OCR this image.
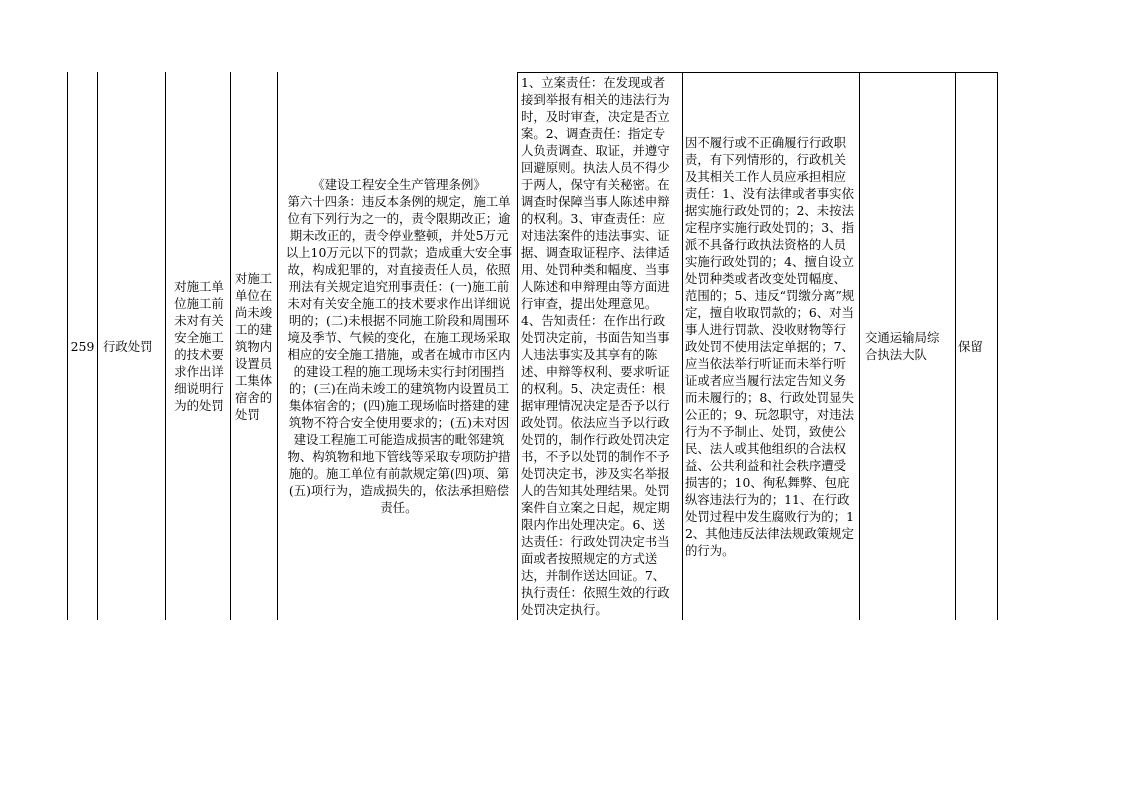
259 行政处罚
对施工单位施工前未对有关安全施工的技术要求作出详细说明行为的处罚
对施工单位在尚未竣工的建筑物内设置员工集体宿舍的处罚
《建设工程安全生产管理条例》
第六十四条：违反本条例的规定，施工单位有下列行为之一的，责令限期改正；逾期未改正的，责令停业整顿，并处5万元以上10万元以下的罚款；造成重大安全事故，构成犯罪的，对直接责任人员，依照刑法有关规定追究刑事责任：(一)施工前未对有关安全施工的技术要求作出详细说明的；(二)未根据不同施工阶段和周围环境及季节、气候的变化，在施工现场采取相应的安全施工措施，或者在城市市区内的建设工程的施工现场未实行封闭围挡的；(三)在尚未竣工的建筑物内设置员工集体宿舍的；(四)施工现场临时搭建的建筑物不符合安全使用要求的；(五)未对因建设工程施工可能造成损害的毗邻建筑物、构筑物和地下管线等采取专项防护措施的。施工单位有前款规定第(四)项、第(五)项行为，造成损失的，依法承担赔偿责任。
1、立案责任：在发现或者接到举报有相关的违法行为时，及时审查，决定是否立案。2、调查责任：指定专人负责调查、取证，并遵守回避原则。执法人员不得少于两人，保守有关秘密。在调查时保障当事人陈述申辩的权利。3、审查责任：应对违法案件的违法事实、证据、调查取证程序、法律适用、处罚种类和幅度、当事人陈述和申辩理由等方面进行审查，提出处理意见。4、告知责任：在作出行政处罚决定前，书面告知当事人违法事实及其享有的陈述、申辩等权利、要求听证的权利。5、决定责任：根据审理情况决定是否予以行政处罚。依法应当予以行政处罚的，制作行政处罚决定书，不予以处罚的制作不予处罚决定书，涉及实名举报人的告知其处理结果。处罚案件自立案之日起，规定期限内作出处理决定。6、送达责任：行政处罚决定书当面或者按照规定的方式送达，并制作送达回证。7、执行责任：依照生效的行政处罚决定执行。
因不履行或不正确履行行政职责，有下列情形的，行政机关及其相关工作人员应承担相应责任：1、没有法律或者事实依据实施行政处罚的；2、未按法定程序实施行政处罚的；3、指派不具备行政执法资格的人员实施行政处罚的；4、擅自设立处罚种类或者改变处罚幅度、范围的；5、违反“罚缴分离”规定，擅自收取罚款的；6、对当事人进行罚款、没收财物等行政处罚不使用法定单据的；7、应当依法举行听证而未举行听证或者应当履行法定告知义务而未履行的；8、行政处罚显失公正的；9、玩忽职守，对违法行为不予制止、处罚，致使公民、法人或其他组织的合法权益、公共利益和社会秩序遭受损害的；10、徇私舞弊、包庇纵容违法行为的；11、在行政处罚过程中发生腐败行为的；12、其他违反法律法规政策规定的行为。
交通运输局综合执法大队
保留
